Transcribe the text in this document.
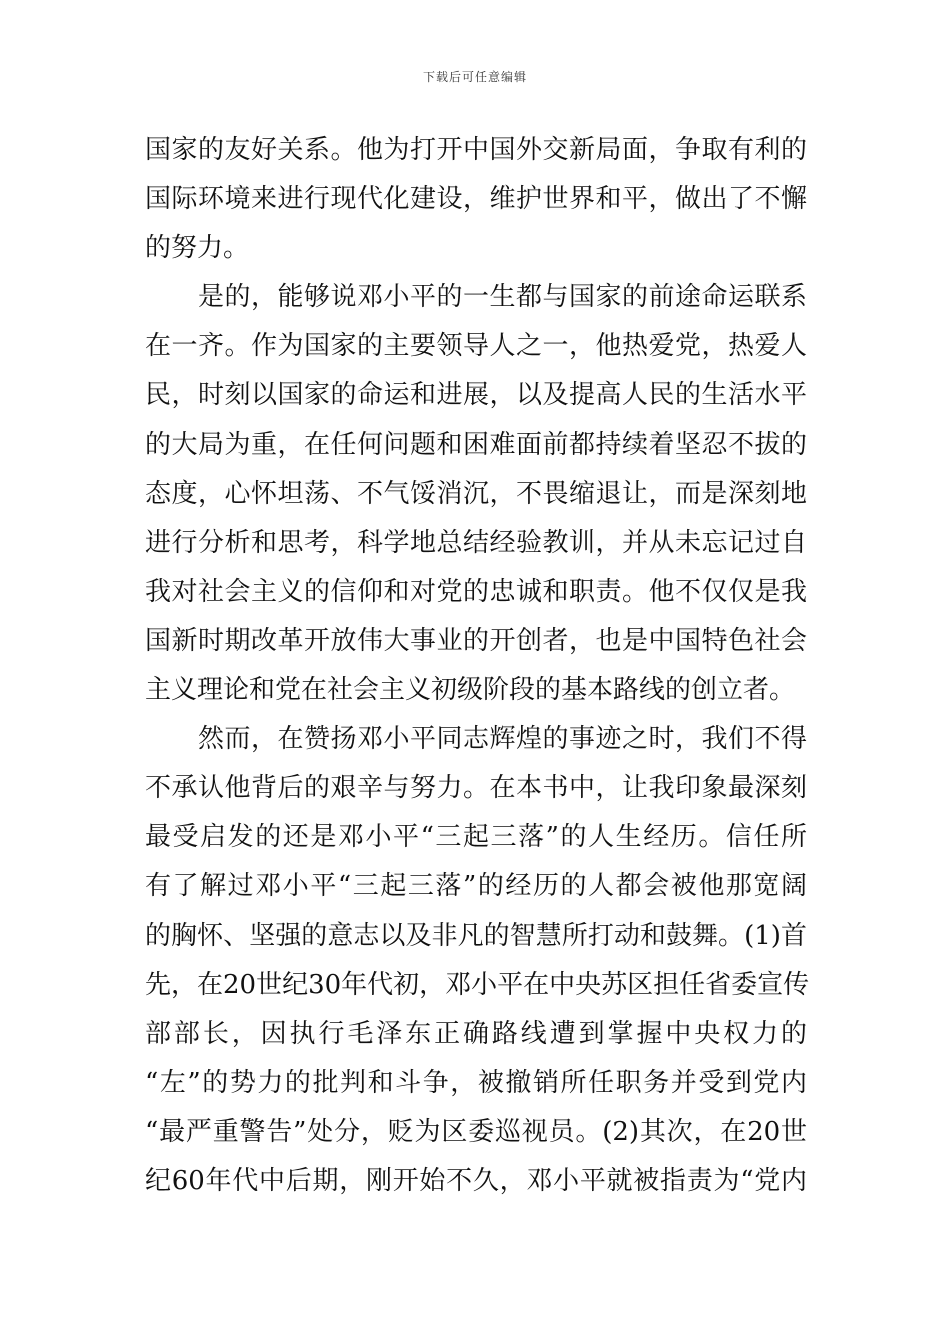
下载后可任意编辑
国家的友好关系。他为打开中国外交新局面，争取有利的
国际环境来进行现代化建设，维护世界和平，做出了不懈
的努力。
　　是的，能够说邓小平的一生都与国家的前途命运联系
在一齐。作为国家的主要领导人之一，他热爱党，热爱人
民，时刻以国家的命运和进展，以及提高人民的生活水平
的大局为重，在任何问题和困难面前都持续着坚忍不拔的
态度，心怀坦荡、不气馁消沉，不畏缩退让，而是深刻地
进行分析和思考，科学地总结经验教训，并从未忘记过自
我对社会主义的信仰和对党的忠诚和职责。他不仅仅是我
国新时期改革开放伟大事业的开创者，也是中国特色社会
主义理论和党在社会主义初级阶段的基本路线的创立者。
　　然而，在赞扬邓小平同志辉煌的事迹之时，我们不得
不承认他背后的艰辛与努力。在本书中，让我印象最深刻
最受启发的还是邓小平“三起三落”的人生经历。信任所
有了解过邓小平“三起三落”的经历的人都会被他那宽阔
的胸怀、坚强的意志以及非凡的智慧所打动和鼓舞。(1)首
先，在20世纪30年代初，邓小平在中央苏区担任省委宣传
部部长，因执行毛泽东正确路线遭到掌握中央权力的
“左”的势力的批判和斗争，被撤销所任职务并受到党内
“最严重警告”处分，贬为区委巡视员。(2)其次，在20世
纪60年代中后期，刚开始不久，邓小平就被指责为“党内
